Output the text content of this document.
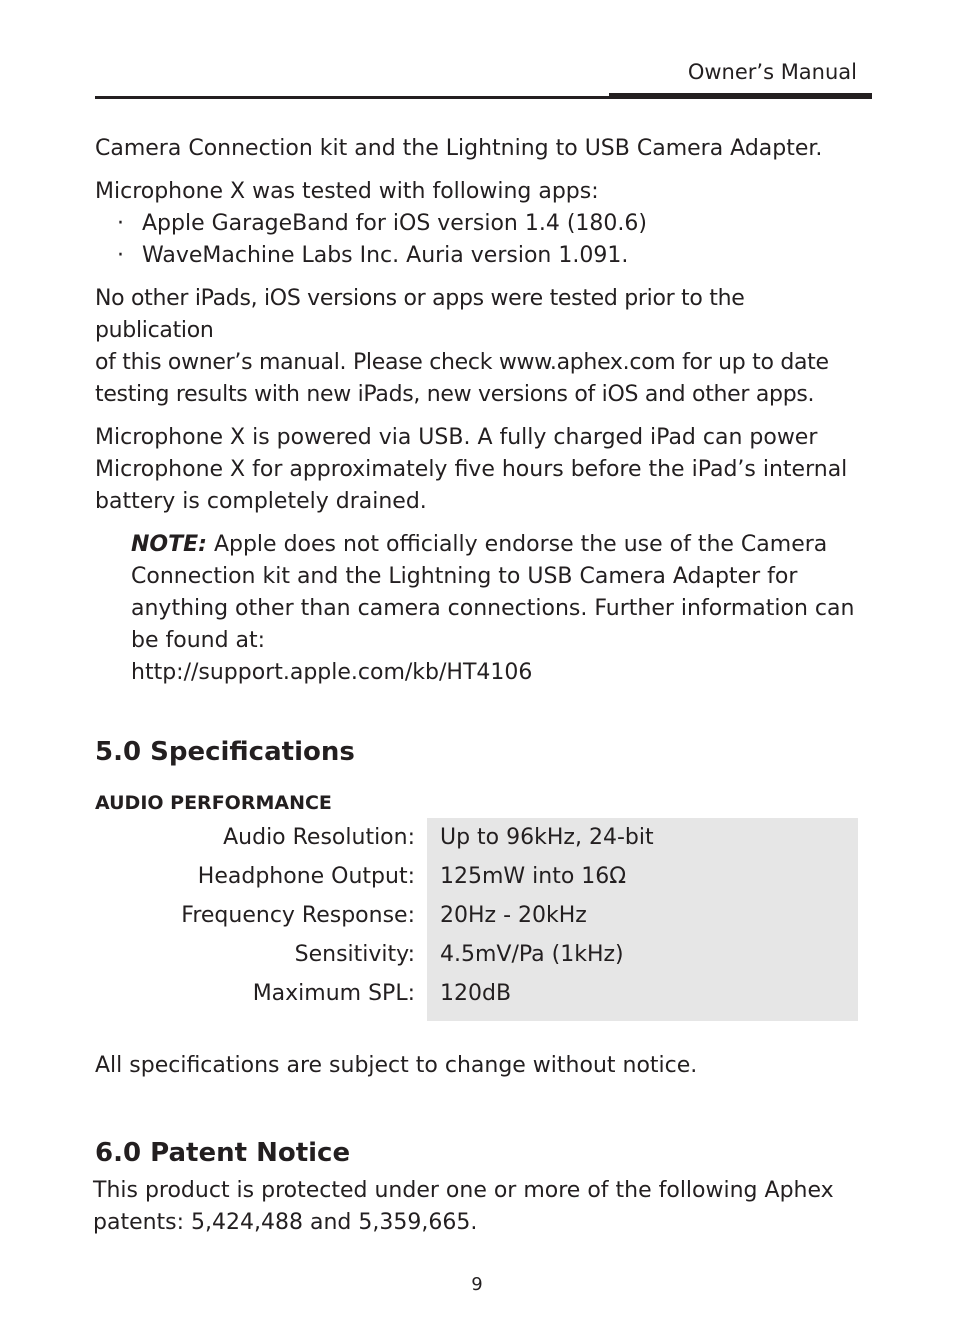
Owner’s Manual

Camera Connection kit and the Lightning to USB Camera Adapter.

Microphone X was tested with following apps:

· Apple GarageBand for iOS version 1.4 (180.6)
· WaveMachine Labs Inc. Auria version 1.091.

No other iPads, iOS versions or apps were tested prior to the publication
of this owner’s manual. Please check www.aphex.com for up to date
testing results with new iPads, new versions of iOS and other apps.

Microphone X is powered via USB. A fully charged iPad can power
Microphone X for approximately five hours before the iPad’s internal
battery is completely drained.

NOTE: Apple does not officially endorse the use of the Camera
Connection kit and the Lightning to USB Camera Adapter for
anything other than camera connections. Further information can
be found at:
http://support.apple.com/kb/HT4106

5.0 Specifications
AUDIO PERFORMANCE
Audio Resolution: Up to 96kHz, 24-bit
Headphone Output: 125mW into 16Ω
Frequency Response: 20Hz - 20kHz
Sensitivity: 4.5mV/Pa (1kHz)
Maximum SPL: 120dB

All specifications are subject to change without notice.

6.0 Patent Notice

This product is protected under one or more of the following Aphex
patents: 5,424,488 and 5,359,665.

9
